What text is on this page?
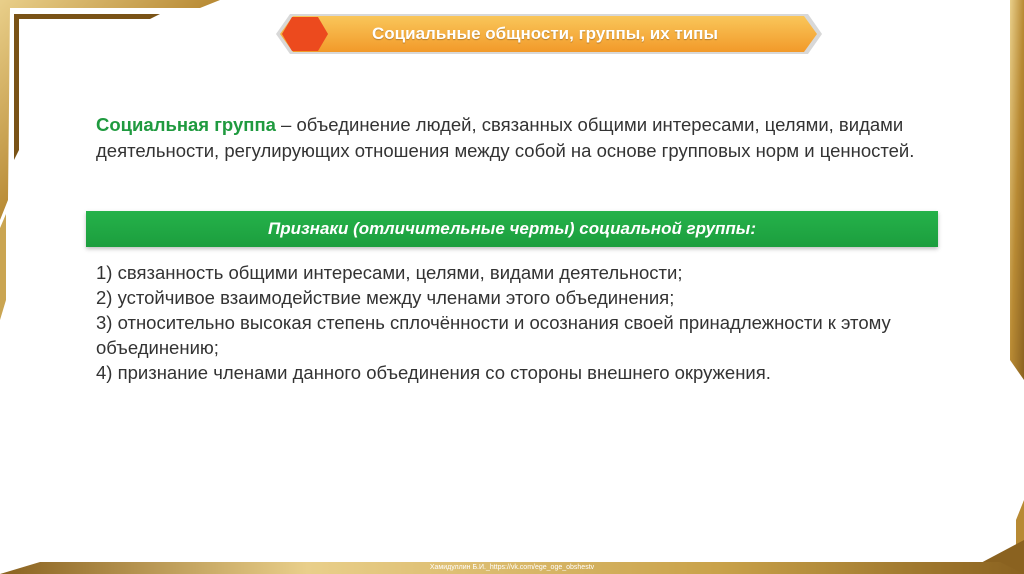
Социальные общности, группы, их типы
Социальная группа – объединение людей, связанных общими интересами, целями, видами деятельности, регулирующих отношения между собой на основе групповых норм и ценностей.
Признаки (отличительные черты) социальной группы:
1) связанность общими интересами, целями, видами деятельности;
2) устойчивое взаимодействие между членами этого объединения;
3) относительно высокая степень сплочённости и осознания своей принадлежности к этому объединению;
4) признание членами данного объединения со стороны внешнего окружения.
Хамидуллин Б.И._https://vk.com/ege_oge_obshestv
